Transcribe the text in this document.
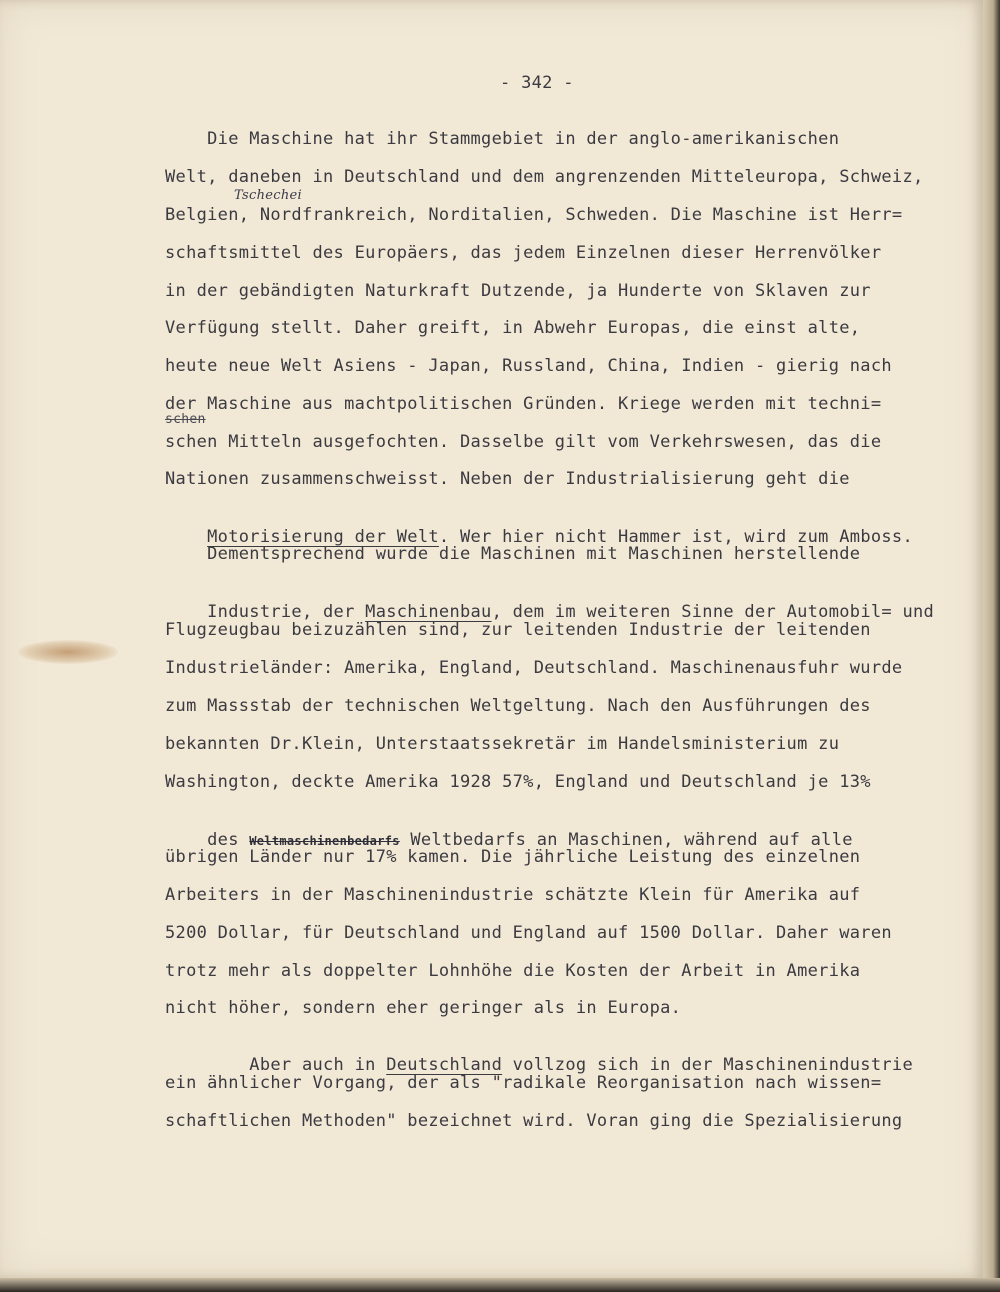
- 342 -
Tschechei
Die Maschine hat ihr Stammgebiet in der anglo-amerikanischen
Welt, daneben in Deutschland und dem angrenzenden Mitteleuropa, Schweiz,
Belgien, Nordfrankreich, Norditalien, Schweden. Die Maschine ist Herr=
schaftsmittel des Europäers, das jedem Einzelnen dieser Herrenvölker
in der gebändigten Naturkraft Dutzende, ja Hunderte von Sklaven zur
Verfügung stellt. Daher greift, in Abwehr Europas, die einst alte,
heute neue Welt Asiens - Japan, Russland, China, Indien - gierig nach
der Maschine aus machtpolitischen Gründen. Kriege werden mit techni=
schen
schen Mitteln ausgefochten. Dasselbe gilt vom Verkehrswesen, das die
Nationen zusammenschweisst. Neben der Industrialisierung geht die

Motorisierung der Welt. Wer hier nicht Hammer ist, wird zum Amboss.

Dementsprechend wurde die Maschinen mit Maschinen herstellende

Industrie, der Maschinenbau, dem im weiteren Sinne der Automobil= und

Flugzeugbau beizuzählen sind, zur leitenden Industrie der leitenden
Industrieländer: Amerika, England, Deutschland. Maschinenausfuhr wurde
zum Massstab der technischen Weltgeltung. Nach den Ausführungen des
bekannten Dr.Klein, Unterstaatssekretär im Handelsministerium zu
Washington, deckte Amerika 1928 57%, England und Deutschland je 13%

des Weltmaschinenbedarfs Weltbedarfs an Maschinen, während auf alle

übrigen Länder nur 17% kamen. Die jährliche Leistung des einzelnen
Arbeiters in der Maschinenindustrie schätzte Klein für Amerika auf
5200 Dollar, für Deutschland und England auf 1500 Dollar. Daher waren
trotz mehr als doppelter Lohnhöhe die Kosten der Arbeit in Amerika
nicht höher, sondern eher geringer als in Europa.

Aber auch in Deutschland vollzog sich in der Maschinenindustrie

ein ähnlicher Vorgang, der als "radikale Reorganisation nach wissen=
schaftlichen Methoden" bezeichnet wird. Voran ging die Spezialisierung
